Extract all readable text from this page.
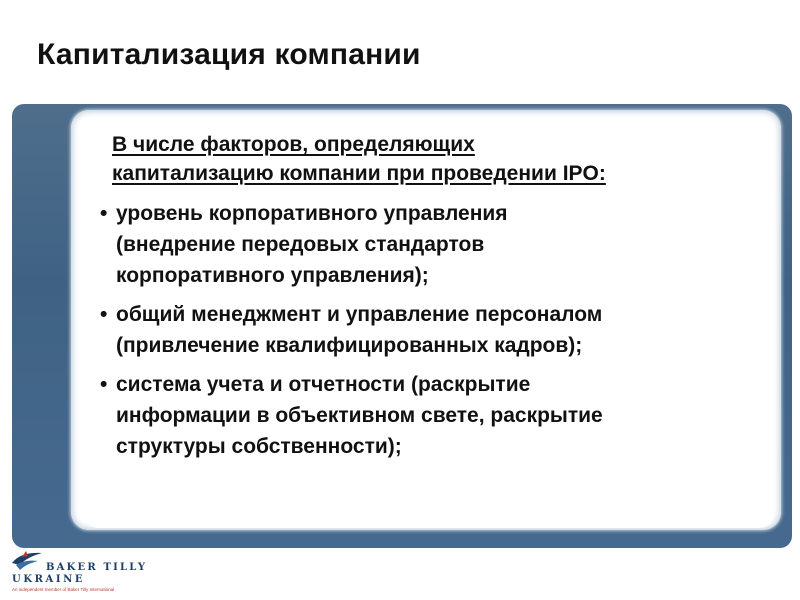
Капитализация компании
В числе факторов, определяющих
капитализацию компании при проведении IPO:
• уровень корпоративного управления
(внедрение передовых стандартов
корпоративного управления);
• общий менеджмент и управление персоналом
(привлечение квалифицированных кадров);
• система учета и отчетности (раскрытие
информации в объективном свете, раскрытие
структуры собственности);
BAKER TILLY
UKRAINE
An independent member of Baker Tilly International
